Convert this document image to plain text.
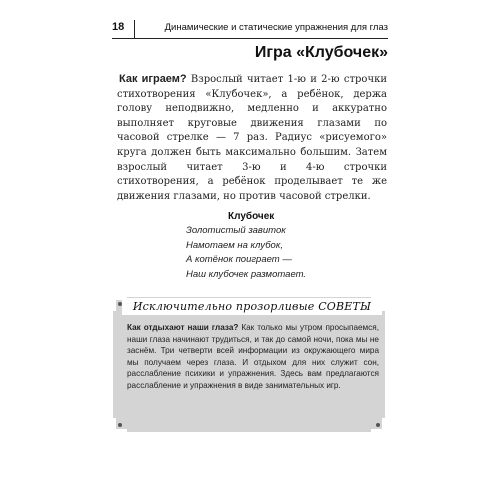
18	Динамические и статические упражнения для глаз
Игра «Клубочек»
Как играем? Взрослый читает 1-ю и 2-ю строчки стихотворения «Клубочек», а ребёнок, держа голову неподвижно, медленно и аккуратно выполняет круговые движения глазами по часовой стрелке — 7 раз. Радиус «рисуемого» круга должен быть максимально большим. Затем взрослый читает 3-ю и 4-ю строчки стихотворения, а ребёнок проделывает те же движения глазами, но против часовой стрелки.
Клубочек
Золотистый завиток
Намотаем на клубок,
А котёнок поиграет —
Наш клубочек размотает.
Исключительно прозорливые СОВЕТЫ
Как отдыхают наши глаза? Как только мы утром просыпаемся, наши глаза начинают трудиться, и так до самой ночи, пока мы не заснём. Три четверти всей информации из окружающего мира мы получаем через глаза. И отдыхом для них служит сон, расслабление психики и упражнения. Здесь вам предлагаются расслабление и упражнения в виде занимательных игр.
